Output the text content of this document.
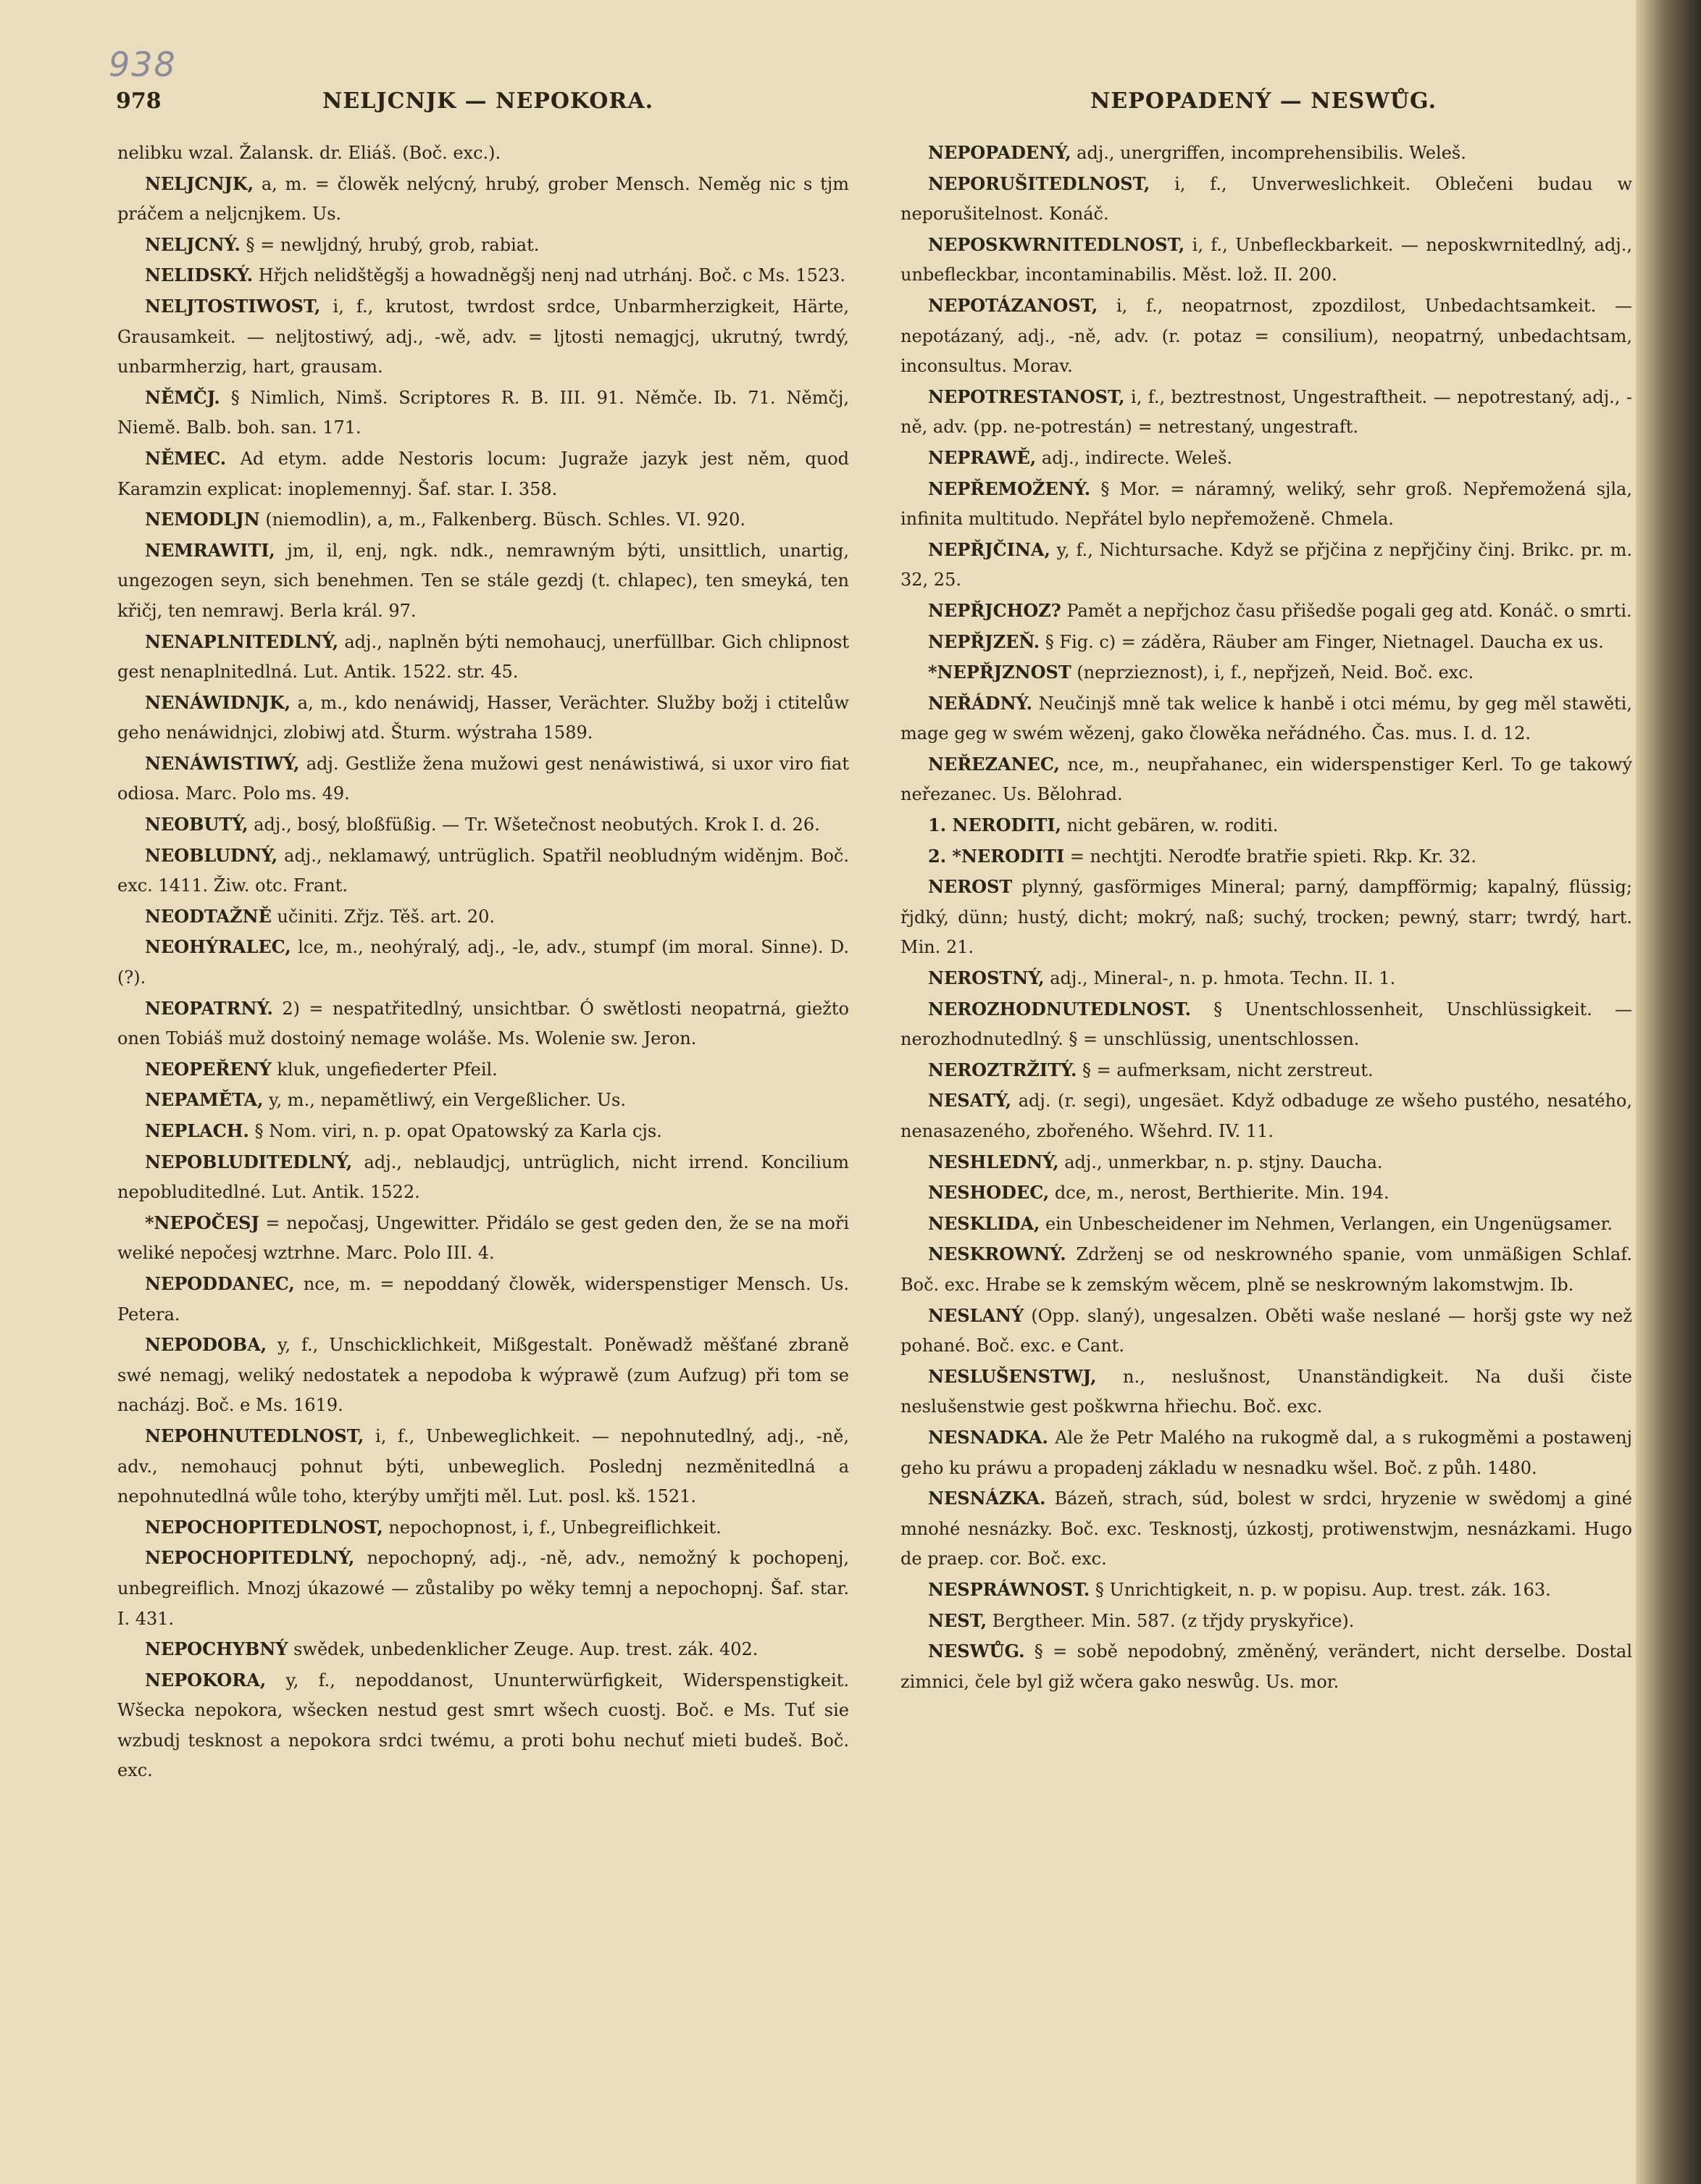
938
978	NELJCNJK — NEPOKORA.	NEPOPADENÝ — NESWŮG.

nelibku wzal. Žalansk. dr. Eliáš. (Boč. exc.).

NELJCNJK, a, m. = člowěk nelýcný, hrubý, grober Mensch. Neměg nic s tjm práčem a neljcnjkem. Us.

NELJCNÝ. § = newljdný, hrubý, grob, rabiat.

NELIDSKÝ. Hřjch nelidštěgšj a howadněgšj nenj nad utrhánj. Boč. c Ms. 1523.

NELJTOSTIWOST, i, f., krutost, twrdost srdce, Unbarmherzigkeit, Härte, Grausamkeit. — neljtostiwý, adj., -wě, adv. = ljtosti nemagjcj, ukrutný, twrdý, unbarmherzig, hart, grausam.

NĚMČJ. § Nimlich, Nimš. Scriptores R. B. III. 91. Němče. Ib. 71. Němčj, Niemě. Balb. boh. san. 171.

NĚMEC. Ad etym. adde Nestoris locum: Jugraže jazyk jest něm, quod Karamzin explicat: inoplemennyj. Šaf. star. I. 358.

NEMODLJN (niemodlin), a, m., Falkenberg. Büsch. Schles. VI. 920.

NEMRAWITI, jm, il, enj, ngk. ndk., nemrawným býti, unsittlich, unartig, ungezogen seyn, sich benehmen. Ten se stále gezdj (t. chlapec), ten smeyká, ten křičj, ten nemrawj. Berla král. 97.

NENAPLNITEDLNÝ, adj., naplněn býti nemohaucj, unerfüllbar. Gich chlipnost gest nenaplnitedlná. Lut. Antik. 1522. str. 45.

NENÁWIDNJK, a, m., kdo nenáwidj, Hasser, Verächter. Služby božj i ctitelůw geho nenáwidnjci, zlobiwj atd. Šturm. wýstraha 1589.

NENÁWISTIWÝ, adj. Gestliže žena mužowi gest nenáwistiwá, si uxor viro fiat odiosa. Marc. Polo ms. 49.

NEOBUTÝ, adj., bosý, bloßfüßig. — Tr. Wšetečnost neobutých. Krok I. d. 26.

NEOBLUDNÝ, adj., neklamawý, untrüglich. Spatřil neobludným widěnjm. Boč. exc. 1411. Žiw. otc. Frant.

NEODTAŽNĚ učiniti. Zřjz. Těš. art. 20.

NEOHÝRALEC, lce, m., neohýralý, adj., -le, adv., stumpf (im moral. Sinne). D. (?).

NEOPATRNÝ. 2) = nespatřitedlný, unsichtbar. Ó swětlosti neopatrná, giežto onen Tobiáš muž dostoiný nemage woláše. Ms. Wolenie sw. Jeron.

NEOPEŘENÝ kluk, ungefiederter Pfeil.

NEPAMĚTA, y, m., nepamětliwý, ein Vergeßlicher. Us.

NEPLACH. § Nom. viri, n. p. opat Opatowský za Karla cjs.

NEPOBLUDITEDLNÝ, adj., neblaudjcj, untrüglich, nicht irrend. Koncilium nepobluditedlné. Lut. Antik. 1522.

*NEPOČESJ = nepočasj, Ungewitter. Přidálo se gest geden den, že se na moři weliké nepočesj wztrhne. Marc. Polo III. 4.

NEPODDANEC, nce, m. = nepoddaný člowěk, widerspenstiger Mensch. Us. Petera.

NEPODOBA, y, f., Unschicklichkeit, Mißgestalt. Poněwadž měšťané zbraně swé nemagj, weliký nedostatek a nepodoba k wýprawě (zum Aufzug) při tom se nacházj. Boč. e Ms. 1619.

NEPOHNUTEDLNOST, i, f., Unbeweglichkeit. — nepohnutedlný, adj., -ně, adv., nemohaucj pohnut býti, unbeweglich. Poslednj nezměnitedlná a nepohnutedlná wůle toho, kterýby umřjti měl. Lut. posl. kš. 1521.

NEPOCHOPITEDLNOST, nepochopnost, i, f., Unbegreiflichkeit.

NEPOCHOPITEDLNÝ, nepochopný, adj., -ně, adv., nemožný k pochopenj, unbegreiflich. Mnozj úkazowé — zůstaliby po wěky temnj a nepochopnj. Šaf. star. I. 431.

NEPOCHYBNÝ swědek, unbedenklicher Zeuge. Aup. trest. zák. 402.

NEPOKORA, y, f., nepoddanost, Ununterwürfigkeit, Widerspenstigkeit. Wšecka nepokora, wšecken nestud gest smrt wšech cuostj. Boč. e Ms. Tuť sie wzbudj tesknost a nepokora srdci twému, a proti bohu nechuť mieti budeš. Boč. exc.

NEPOPADENÝ, adj., unergriffen, incomprehensibilis. Weleš.

NEPORUŠITEDLNOST, i, f., Unverweslichkeit. Oblečeni budau w neporušitelnost. Konáč.

NEPOSKWRNITEDLNOST, i, f., Unbefleckbarkeit. — neposkwrnitedlný, adj., unbefleckbar, incontaminabilis. Měst. lož. II. 200.

NEPOTÁZANOST, i, f., neopatrnost, zpozdilost, Unbedachtsamkeit. — nepotázaný, adj., -ně, adv. (r. potaz = consilium), neopatrný, unbedachtsam, inconsultus. Morav.

NEPOTRESTANOST, i, f., beztrestnost, Ungestraftheit. — nepotrestaný, adj., -ně, adv. (pp. ne-potrestán) = netrestaný, ungestraft.

NEPRAWĚ, adj., indirecte. Weleš.

NEPŘEMOŽENÝ. § Mor. = náramný, weliký, sehr groß. Nepřemožená sjla, infinita multitudo. Nepřátel bylo nepřemoženě. Chmela.

NEPŘJČINA, y, f., Nichtursache. Když se přjčina z nepřjčiny činj. Brikc. pr. m. 32, 25.

NEPŘJCHOZ? Pamět a nepřjchoz času přišedše pogali geg atd. Konáč. o smrti.

NEPŘJZEŇ. § Fig. c) = záděra, Räuber am Finger, Nietnagel. Daucha ex us.

*NEPŘJZNOST (neprzieznost), i, f., nepřjzeň, Neid. Boč. exc.

NEŘÁDNÝ. Neučinjš mně tak welice k hanbě i otci mému, by geg měl stawěti, mage geg w swém wězenj, gako člowěka neřádného. Čas. mus. I. d. 12.

NEŘEZANEC, nce, m., neupřahanec, ein widerspenstiger Kerl. To ge takowý neřezanec. Us. Bělohrad.

1. NERODITI, nicht gebären, w. roditi.

2. *NERODITI = nechtjti. Nerodťe bratřie spieti. Rkp. Kr. 32.

NEROST plynný, gasförmiges Mineral; parný, dampfförmig; kapalný, flüssig; řjdký, dünn; hustý, dicht; mokrý, naß; suchý, trocken; pewný, starr; twrdý, hart. Min. 21.

NEROSTNÝ, adj., Mineral-, n. p. hmota. Techn. II. 1.

NEROZHODNUTEDLNOST. § Unentschlossenheit, Unschlüssigkeit. — nerozhodnutedlný. § = unschlüssig, unentschlossen.

NEROZTRŽITÝ. § = aufmerksam, nicht zerstreut.

NESATÝ, adj. (r. segi), ungesäet. Když odbaduge ze wšeho pustého, nesatého, nenasazeného, zbořeného. Wšehrd. IV. 11.

NESHLEDNÝ, adj., unmerkbar, n. p. stjny. Daucha.

NESHODEC, dce, m., nerost, Berthierite. Min. 194.

NESKLIDA, ein Unbescheidener im Nehmen, Verlangen, ein Ungenügsamer.

NESKROWNÝ. Zdrženj se od neskrowného spanie, vom unmäßigen Schlaf. Boč. exc. Hrabe se k zemským wěcem, plně se neskrowným lakomstwjm. Ib.

NESLANÝ (Opp. slaný), ungesalzen. Oběti waše neslané — horšj gste wy než pohané. Boč. exc. e Cant.

NESLUŠENSTWJ, n., neslušnost, Unanständigkeit. Na duši čiste neslušenstwie gest poškwrna hřiechu. Boč. exc.

NESNADKA. Ale že Petr Malého na rukogmě dal, a s rukogměmi a postawenj geho ku práwu a propadenj základu w nesnadku wšel. Boč. z půh. 1480.

NESNÁZKA. Bázeň, strach, súd, bolest w srdci, hryzenie w swědomj a giné mnohé nesnázky. Boč. exc. Tesknostj, úzkostj, protiwenstwjm, nesnázkami. Hugo de praep. cor. Boč. exc.

NESPRÁWNOST. § Unrichtigkeit, n. p. w popisu. Aup. trest. zák. 163.

NEST, Bergtheer. Min. 587. (z třjdy pryskyřice).

NESWŮG. § = sobě nepodobný, změněný, verändert, nicht derselbe. Dostal zimnici, čele byl giž wčera gako neswůg. Us. mor.
